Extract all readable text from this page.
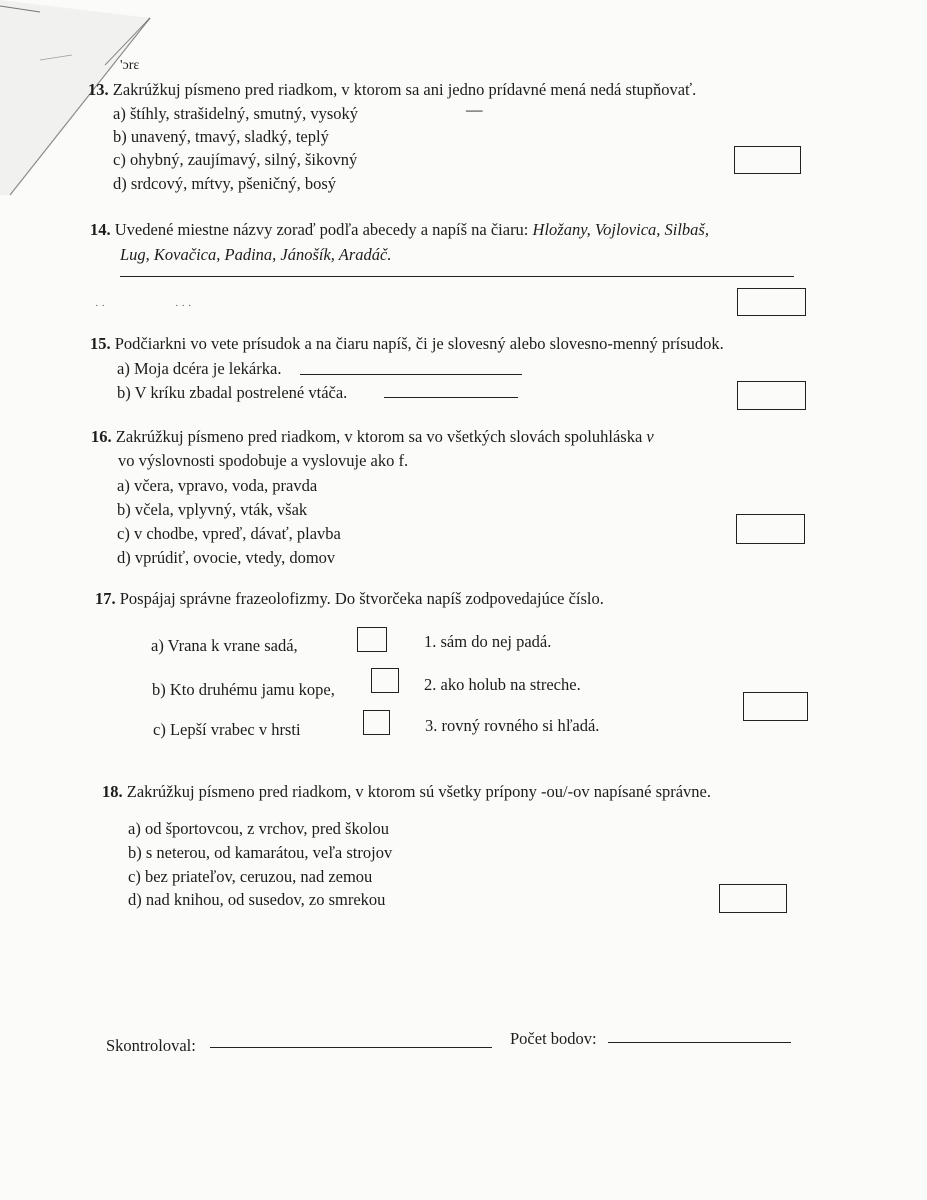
'ɔrɛ
—
13. Zakrúžkuj písmeno pred riadkom, v ktorom sa ani jedno prídavné mená nedá stupňovať.
a) štíhly, strašidelný, smutný, vysoký
b) unavený, tmavý, sladký, teplý
c) ohybný, zaujímavý, silný, šikovný
d) srdcový, mŕtvy, pšeničný, bosý
14. Uvedené miestne názvy zoraď podľa abecedy a napíš na čiaru: Hložany, Vojlovica, Silbaš,
Lug, Kovačica, Padina, Jánošík, Aradáč.
15. Podčiarkni vo vete prísudok a na čiaru napíš, či je slovesný alebo slovesno-menný prísudok.
a) Moja dcéra je lekárka.
b) V kríku zbadal postrelené vtáča.
16. Zakrúžkuj písmeno pred riadkom, v ktorom sa vo všetkých slovách spoluhláska v
vo výslovnosti spodobuje a vyslovuje ako f.
a) včera, vpravo, voda, pravda
b) včela, vplyvný, vták, však
c) v chodbe, vpreď, dávať, plavba
d) vprúdiť, ovocie, vtedy, domov
17. Pospájaj správne frazeolofizmy. Do štvorčeka napíš zodpovedajúce číslo.
a) Vrana k vrane sadá,	1. sám do nej padá.
b) Kto druhému jamu kope,	2. ako holub na streche.
c) Lepší vrabec v hrsti	3. rovný rovného si hľadá.
18. Zakrúžkuj písmeno pred riadkom, v ktorom sú všetky prípony -ou/-ov napísané správne.
a) od športovcou, z vrchov, pred školou
b) s neterou, od kamarátou, veľa strojov
c) bez priateľov, ceruzou, nad zemou
d) nad knihou, od susedov, zo smrekou
Skontroloval:	Počet bodov:
· ·	· · ·
